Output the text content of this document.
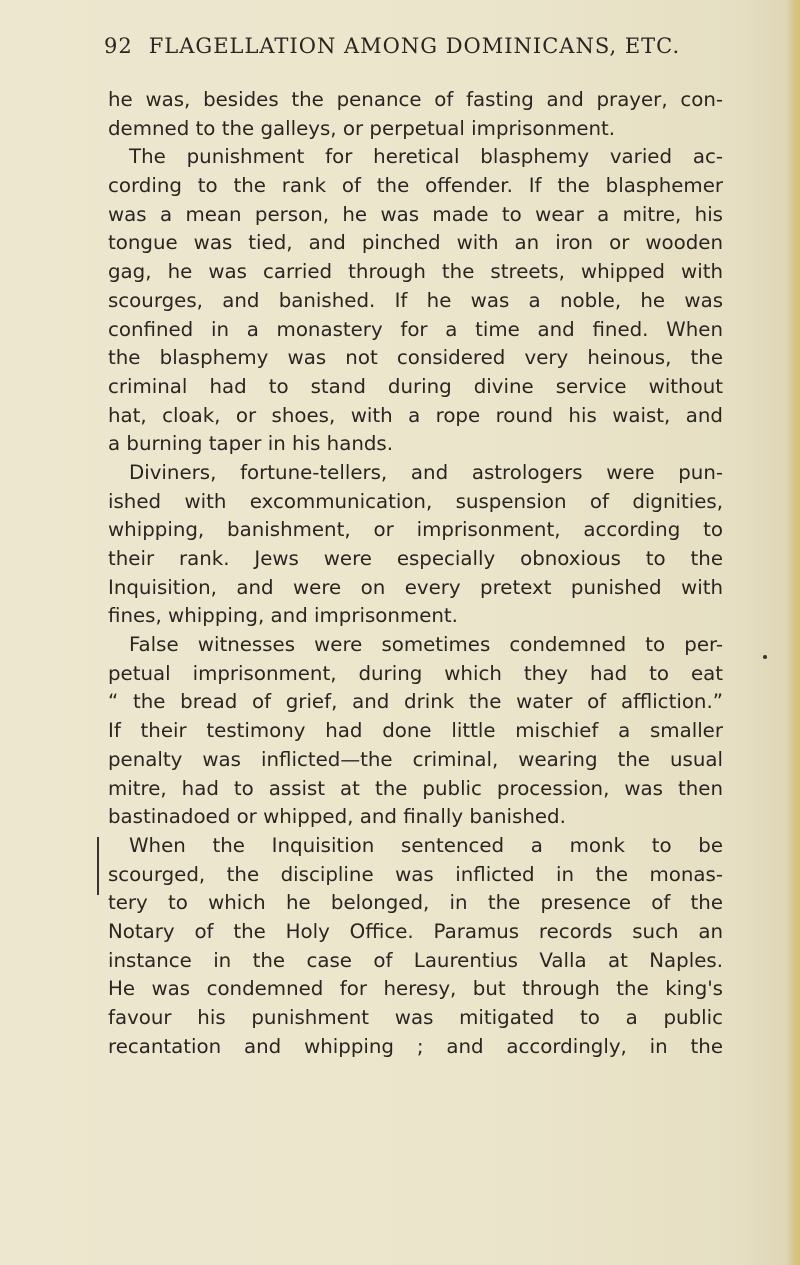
92 FLAGELLATION AMONG DOMINICANS, ETC.
he was, besides the penance of fasting and prayer, con-
demned to the galleys, or perpetual imprisonment.
The punishment for heretical blasphemy varied ac-
cording to the rank of the offender. If the blasphemer
was a mean person, he was made to wear a mitre, his
tongue was tied, and pinched with an iron or wooden
gag, he was carried through the streets, whipped with
scourges, and banished. If he was a noble, he was
confined in a monastery for a time and fined. When
the blasphemy was not considered very heinous, the
criminal had to stand during divine service without
hat, cloak, or shoes, with a rope round his waist, and
a burning taper in his hands.
Diviners, fortune-tellers, and astrologers were pun-
ished with excommunication, suspension of dignities,
whipping, banishment, or imprisonment, according to
their rank. Jews were especially obnoxious to the
Inquisition, and were on every pretext punished with
fines, whipping, and imprisonment.
False witnesses were sometimes condemned to per-
petual imprisonment, during which they had to eat
“ the bread of grief, and drink the water of affliction.”
If their testimony had done little mischief a smaller
penalty was inflicted—the criminal, wearing the usual
mitre, had to assist at the public procession, was then
bastinadoed or whipped, and finally banished.
When the Inquisition sentenced a monk to be
scourged, the discipline was inflicted in the monas-
tery to which he belonged, in the presence of the
Notary of the Holy Office. Paramus records such an
instance in the case of Laurentius Valla at Naples.
He was condemned for heresy, but through the king's
favour his punishment was mitigated to a public
recantation and whipping ; and accordingly, in the
